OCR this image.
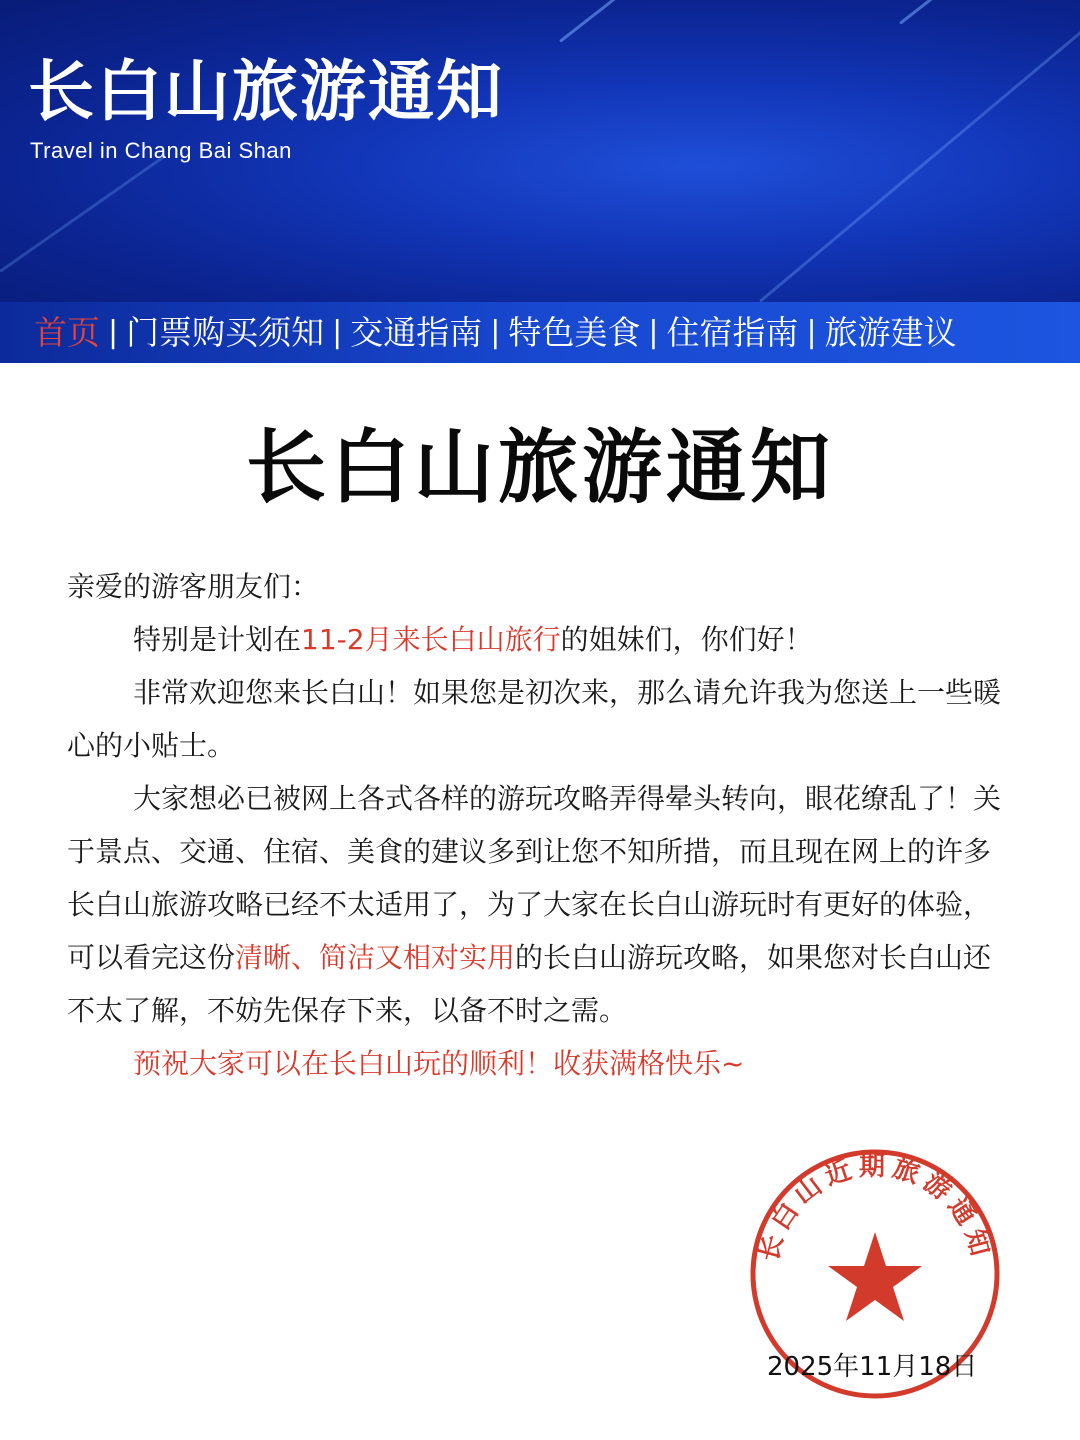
长白山旅游通知
Travel in Chang Bai Shan
首页 | 门票购买须知 | 交通指南 | 特色美食 | 住宿指南 | 旅游建议
长白山旅游通知

亲爱的游客朋友们：

特别是计划在11-2月来长白山旅行的姐妹们，你们好！

非常欢迎您来长白山！如果您是初次来，那么请允许我为您送上一些暖心的小贴士。

大家想必已被网上各式各样的游玩攻略弄得晕头转向，眼花缭乱了！关于景点、交通、住宿、美食的建议多到让您不知所措，而且现在网上的许多长白山旅游攻略已经不太适用了，为了大家在长白山游玩时有更好的体验，可以看完这份清晰、简洁又相对实用的长白山游玩攻略，如果您对长白山还不太了解，不妨先保存下来，以备不时之需。

预祝大家可以在长白山玩的顺利！收获满格快乐~

长白山近期旅游通知
2025年11月18日
